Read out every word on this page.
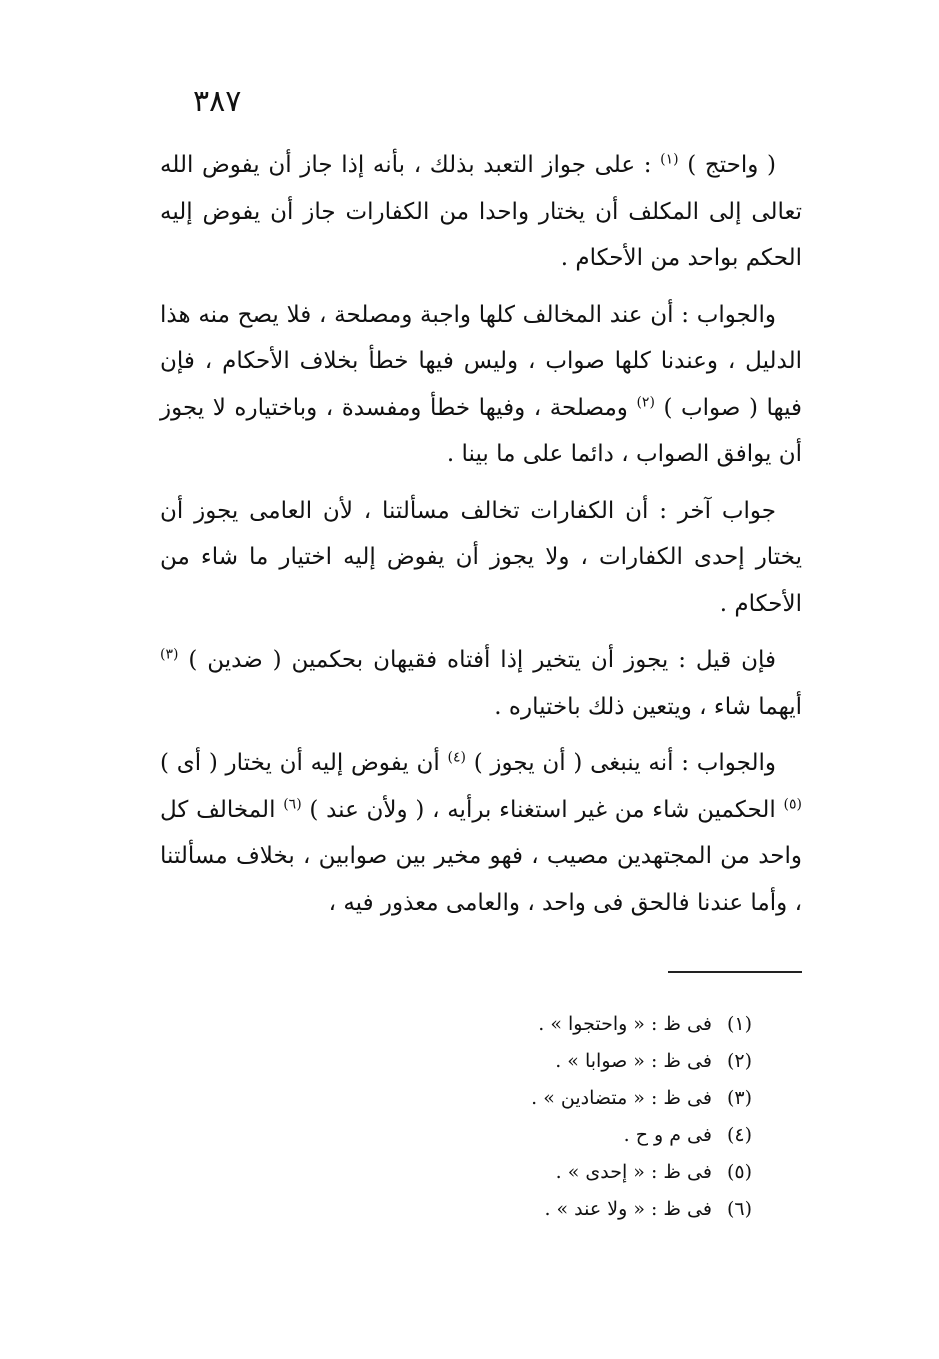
٣٨٧

( واحتج ) $^{(١)}$ : على جواز التعبد بذلك ، بأنه إذا جاز أن يفوض الله تعالى إلى المكلف أن يختار واحدا من الكفارات جاز أن يفوض إليه الحكم بواحد من الأحكام .

والجواب : أن عند المخالف كلها واجبة ومصلحة ، فلا يصح منه هذا الدليل ، وعندنا كلها صواب ، وليس فيها خطأ بخلاف الأحكام ، فإن فيها ( صواب ) $^{(٢)}$ ومصلحة ، وفيها خطأ ومفسدة ، وباختياره لا يجوز أن يوافق الصواب ، دائما على ما بينا .

جواب آخر : أن الكفارات تخالف مسألتنا ، لأن العامى يجوز أن يختار إحدى الكفارات ، ولا يجوز أن يفوض إليه اختيار ما شاء من الأحكام .

فإن قيل : يجوز أن يتخير إذا أفتاه فقيهان بحكمين ( ضدين ) $^{(٣)}$ أيهما شاء ، ويتعين ذلك باختياره .

والجواب : أنه ينبغى ( أن يجوز ) $^{(٤)}$ أن يفوض إليه أن يختار ( أى ) $^{(٥)}$ الحكمين شاء من غير استغناء برأيه ، ( ولأن عند ) $^{(٦)}$ المخالف كل واحد من المجتهدين مصيب ، فهو مخير بين صوابين ، بخلاف مسألتنا ، وأما عندنا فالحق فى واحد ، والعامى معذور فيه ،

(١) فى ظ : « واحتجوا » .
(٢) فى ظ : « صوابا » .
(٣) فى ظ : « متضادين » .
(٤) فى م و ح .
(٥) فى ظ : « إحدى » .
(٦) فى ظ : « ولا عند » .
